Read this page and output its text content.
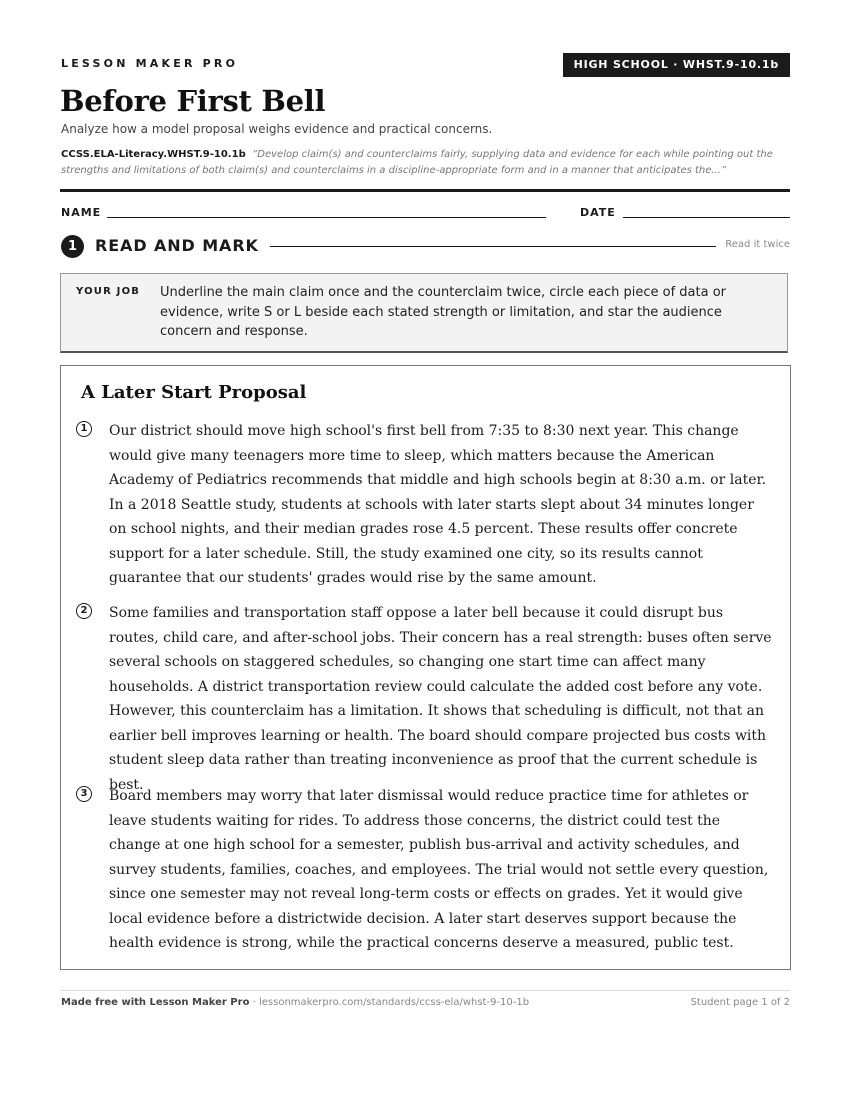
LESSON MAKER PRO	HIGH SCHOOL · WHST.9-10.1b
Before First Bell
Analyze how a model proposal weighs evidence and practical concerns.
CCSS.ELA-Literacy.WHST.9-10.1b “Develop claim(s) and counterclaims fairly, supplying data and evidence for each while pointing out the strengths and limitations of both claim(s) and counterclaims in a discipline-appropriate form and in a manner that anticipates the...”
NAME	DATE
1	READ AND MARK	Read it twice
YOUR JOB Underline the main claim once and the counterclaim twice, circle each piece of data or evidence, write S or L beside each stated strength or limitation, and star the audience concern and response.
A Later Start Proposal
1	Our district should move high school's first bell from 7:35 to 8:30 next year. This change would give many teenagers more time to sleep, which matters because the American Academy of Pediatrics recommends that middle and high schools begin at 8:30 a.m. or later. In a 2018 Seattle study, students at schools with later starts slept about 34 minutes longer on school nights, and their median grades rose 4.5 percent. These results offer concrete support for a later schedule. Still, the study examined one city, so its results cannot guarantee that our students' grades would rise by the same amount.

2	Some families and transportation staff oppose a later bell because it could disrupt bus routes, child care, and after-school jobs. Their concern has a real strength: buses often serve several schools on staggered schedules, so changing one start time can affect many households. A district transportation review could calculate the added cost before any vote. However, this counterclaim has a limitation. It shows that scheduling is difficult, not that an earlier bell improves learning or health. The board should compare projected bus costs with student sleep data rather than treating inconvenience as proof that the current schedule is best.

3	Board members may worry that later dismissal would reduce practice time for athletes or leave students waiting for rides. To address those concerns, the district could test the change at one high school for a semester, publish bus-arrival and activity schedules, and survey students, families, coaches, and employees. The trial would not settle every question, since one semester may not reveal long-term costs or effects on grades. Yet it would give local evidence before a districtwide decision. A later start deserves support because the health evidence is strong, while the practical concerns deserve a measured, public test.

Made free with Lesson Maker Pro · lessonmakerpro.com/standards/ccss-ela/whst-9-10-1b	Student page 1 of 2
